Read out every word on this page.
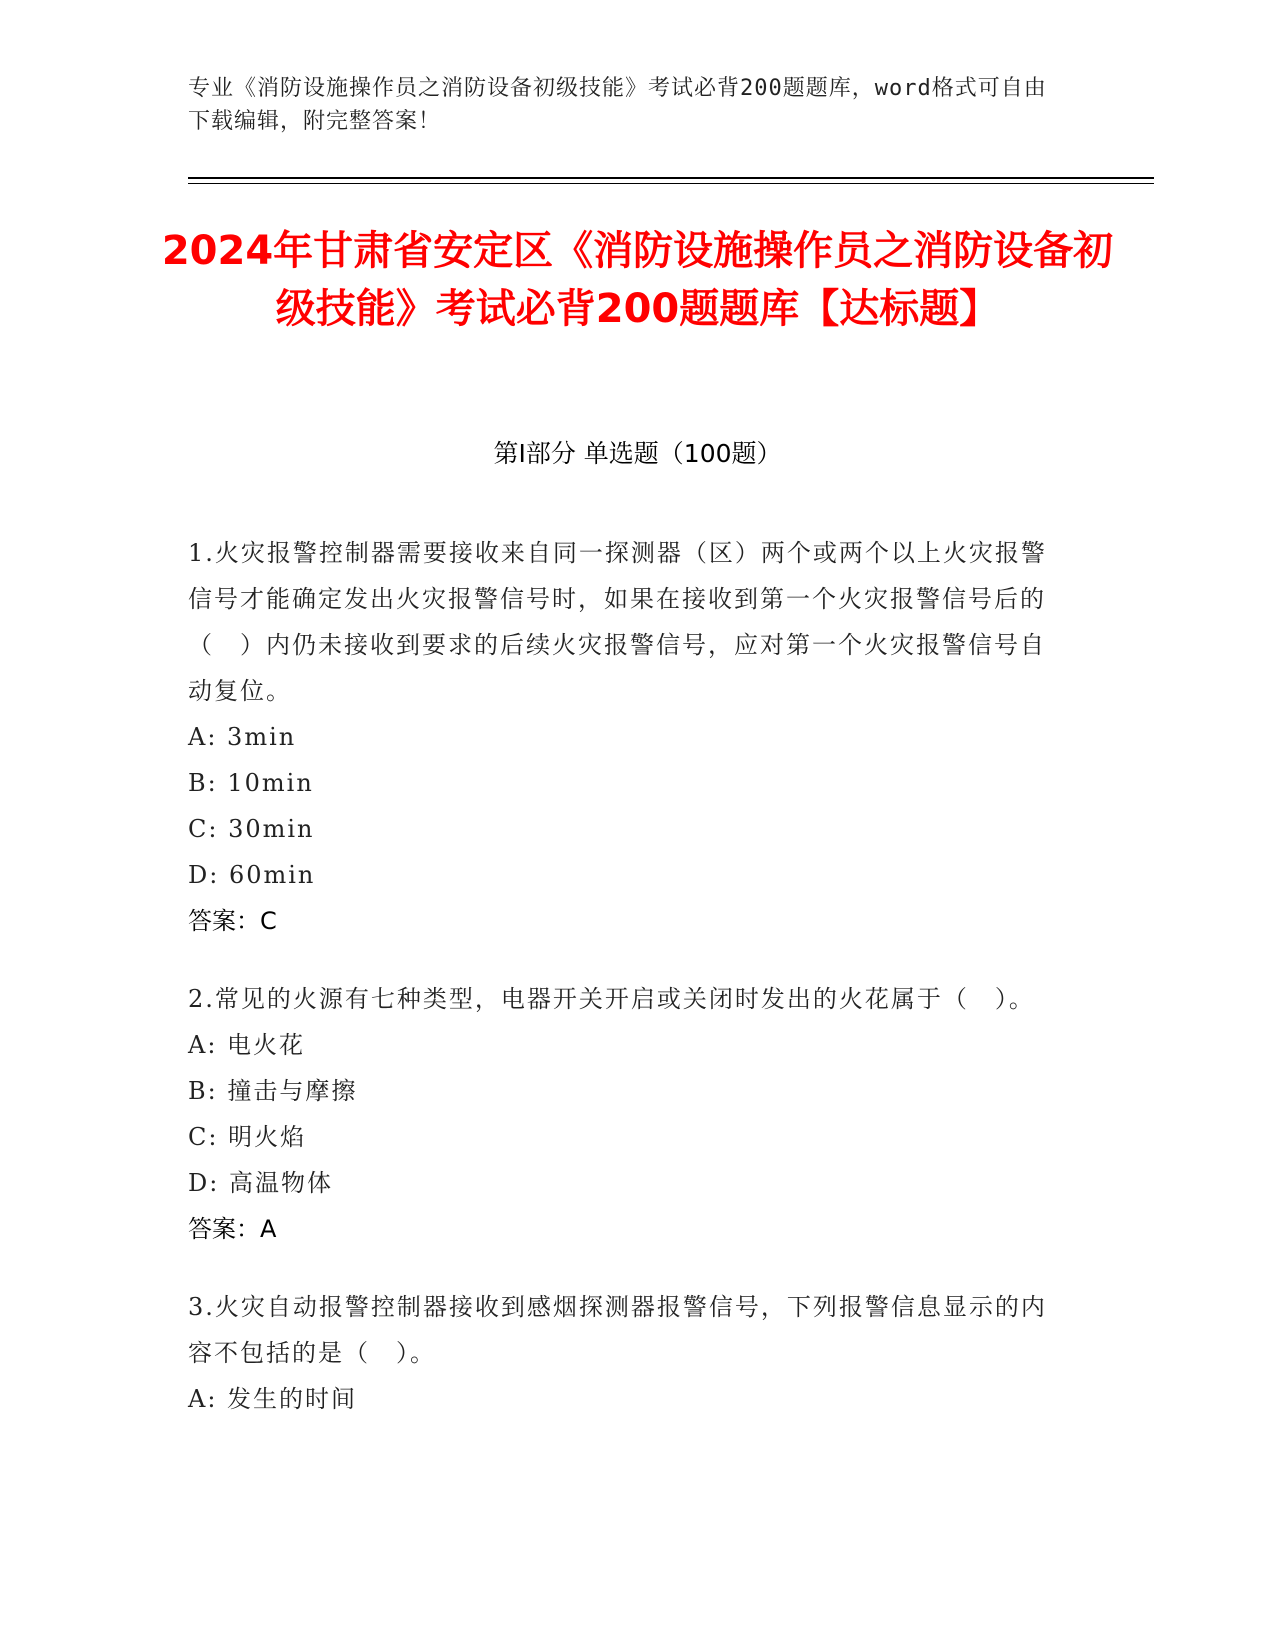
专业《消防设施操作员之消防设备初级技能》考试必背200题题库，word格式可自由下载编辑，附完整答案！
2024年甘肃省安定区《消防设施操作员之消防设备初级技能》考试必背200题题库【达标题】
第I部分 单选题（100题）

1.火灾报警控制器需要接收来自同一探测器（区）两个或两个以上火灾报警信号才能确定发出火灾报警信号时，如果在接收到第一个火灾报警信号后的（　）内仍未接收到要求的后续火灾报警信号，应对第一个火灾报警信号自动复位。

A: 3min

B: 10min

C: 30min

D: 60min

答案：C

2.常见的火源有七种类型，电器开关开启或关闭时发出的火花属于（　）。

A: 电火花

B: 撞击与摩擦

C: 明火焰

D: 高温物体

答案：A

3.火灾自动报警控制器接收到感烟探测器报警信号，下列报警信息显示的内容不包括的是（　）。

A: 发生的时间
